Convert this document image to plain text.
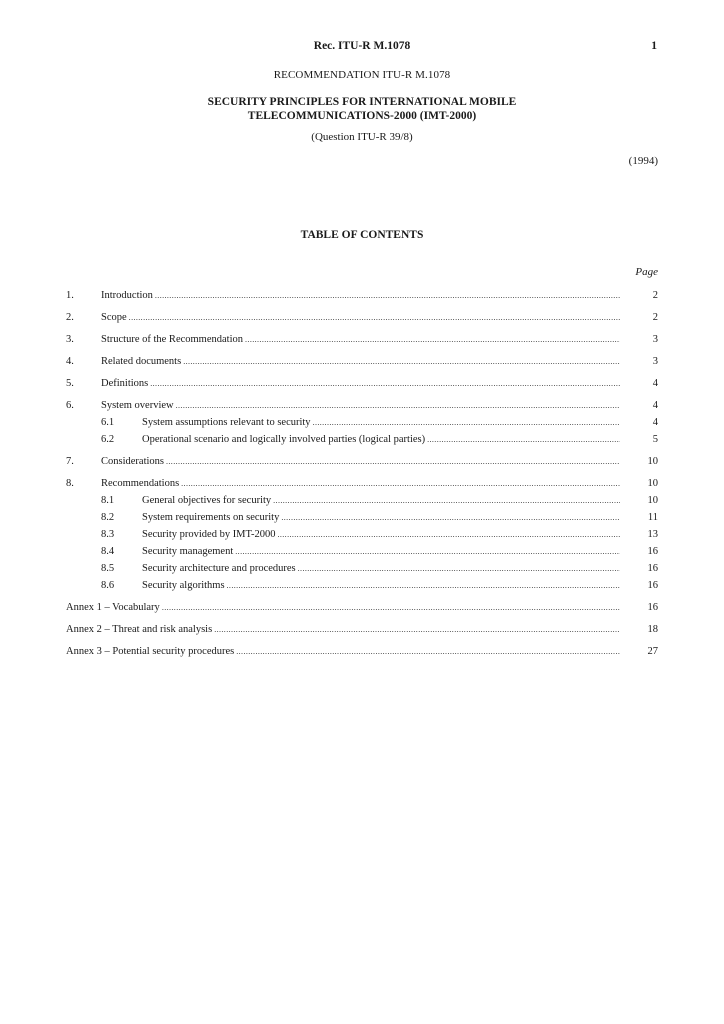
Rec. ITU-R M.1078	1
RECOMMENDATION ITU-R M.1078
SECURITY PRINCIPLES FOR INTERNATIONAL MOBILE
TELECOMMUNICATIONS-2000 (IMT-2000)
(Question ITU-R 39/8)
(1994)
TABLE OF CONTENTS
Page
1.	Introduction .....	2
2.	Scope .....	2
3.	Structure of the Recommendation .....	3
4.	Related documents .....	3
5.	Definitions .....	4
6.	System overview .....	4
6.1	System assumptions relevant to security .....	4
6.2	Operational scenario and logically involved parties (logical parties) .....	5
7.	Considerations .....	10
8.	Recommendations .....	10
8.1	General objectives for security .....	10
8.2	System requirements on security .....	11
8.3	Security provided by IMT-2000 .....	13
8.4	Security management .....	16
8.5	Security architecture and procedures .....	16
8.6	Security algorithms .....	16
Annex 1 – Vocabulary .....	16
Annex 2 – Threat and risk analysis .....	18
Annex 3 – Potential security procedures .....	27
